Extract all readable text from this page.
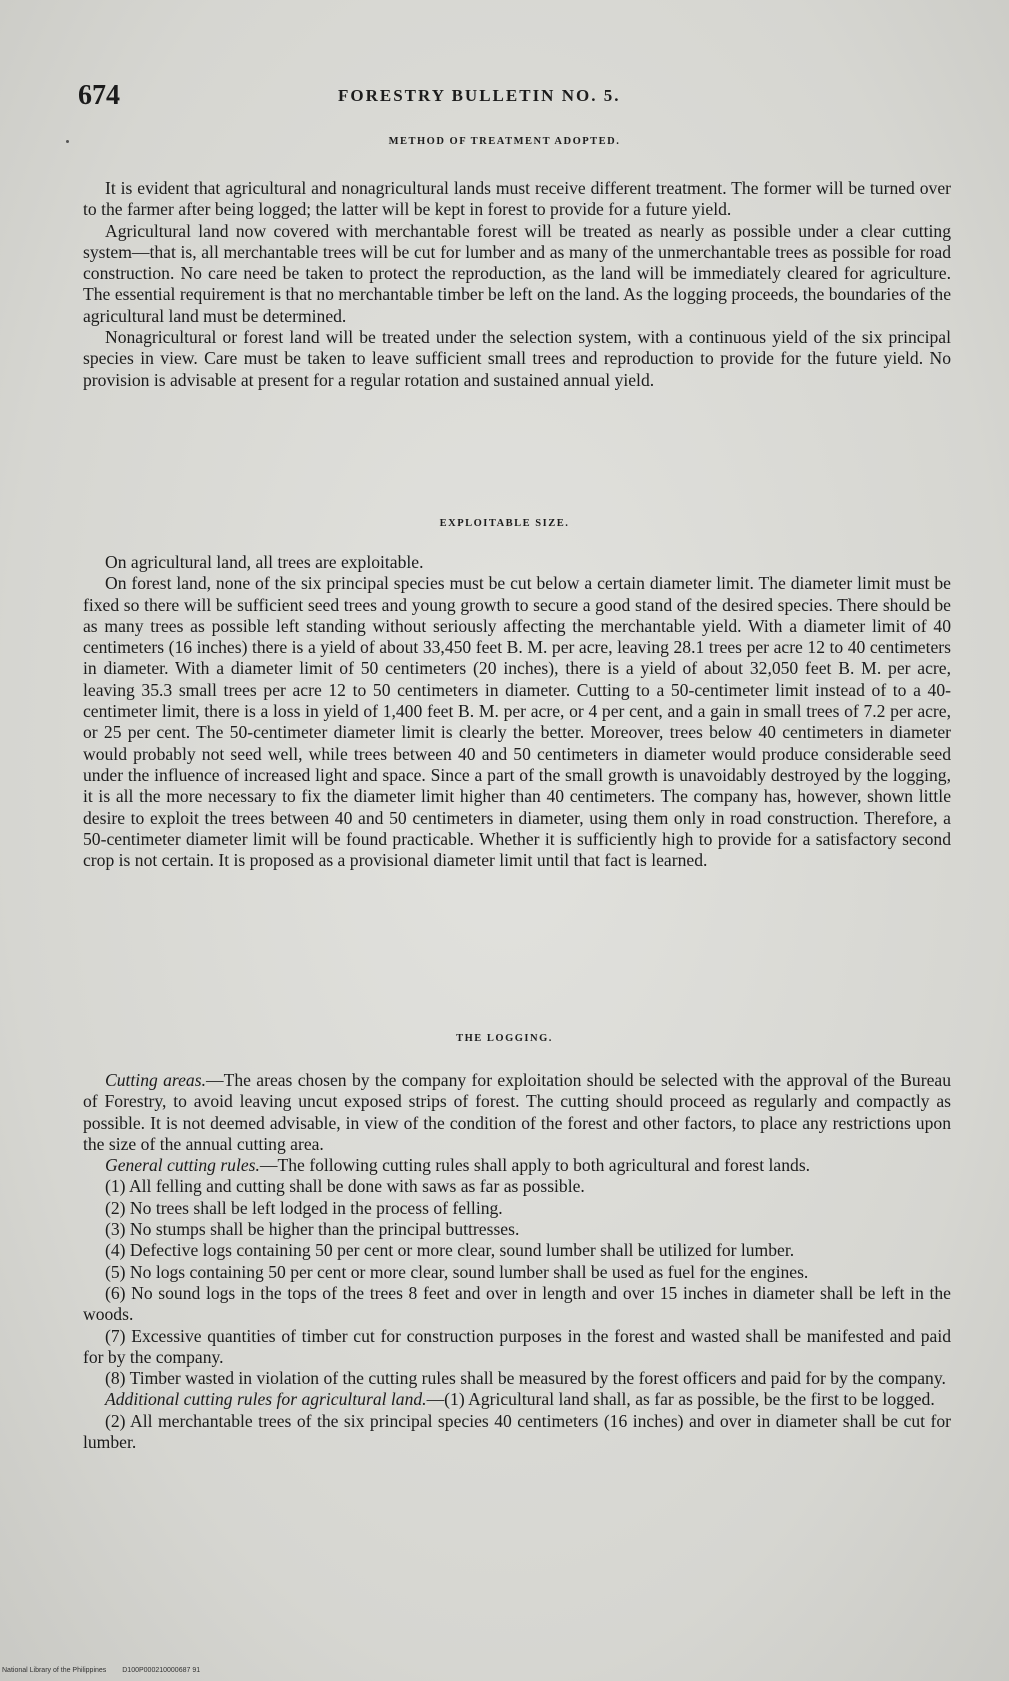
674	FORESTRY BULLETIN NO. 5.
METHOD OF TREATMENT ADOPTED.

It is evident that agricultural and nonagricultural lands must receive different treatment. The former will be turned over to the farmer after being logged; the latter will be kept in forest to provide for a future yield.

Agricultural land now covered with merchantable forest will be treated as nearly as possible under a clear cutting system—that is, all merchantable trees will be cut for lumber and as many of the unmerchantable trees as possible for road construction. No care need be taken to protect the reproduction, as the land will be immediately cleared for agriculture. The essential requirement is that no merchantable timber be left on the land. As the logging proceeds, the boundaries of the agricultural land must be determined.

Nonagricultural or forest land will be treated under the selection system, with a continuous yield of the six principal species in view. Care must be taken to leave sufficient small trees and reproduction to provide for the future yield. No provision is advisable at present for a regular rotation and sustained annual yield.

EXPLOITABLE SIZE.

On agricultural land, all trees are exploitable.

On forest land, none of the six principal species must be cut below a certain diameter limit. The diameter limit must be fixed so there will be sufficient seed trees and young growth to secure a good stand of the desired species. There should be as many trees as possible left standing without seriously affecting the merchantable yield. With a diameter limit of 40 centimeters (16 inches) there is a yield of about 33,450 feet B. M. per acre, leaving 28.1 trees per acre 12 to 40 centimeters in diameter. With a diameter limit of 50 centimeters (20 inches), there is a yield of about 32,050 feet B. M. per acre, leaving 35.3 small trees per acre 12 to 50 centimeters in diameter. Cutting to a 50-centimeter limit instead of to a 40-centimeter limit, there is a loss in yield of 1,400 feet B. M. per acre, or 4 per cent, and a gain in small trees of 7.2 per acre, or 25 per cent. The 50-centimeter diameter limit is clearly the better. Moreover, trees below 40 centimeters in diameter would probably not seed well, while trees between 40 and 50 centimeters in diameter would produce considerable seed under the influence of increased light and space. Since a part of the small growth is unavoidably destroyed by the logging, it is all the more necessary to fix the diameter limit higher than 40 centimeters. The company has, however, shown little desire to exploit the trees between 40 and 50 centimeters in diameter, using them only in road construction. Therefore, a 50-centimeter diameter limit will be found practicable. Whether it is sufficiently high to provide for a satisfactory second crop is not certain. It is proposed as a provisional diameter limit until that fact is learned.

THE LOGGING.

Cutting areas.—The areas chosen by the company for exploitation should be selected with the approval of the Bureau of Forestry, to avoid leaving uncut exposed strips of forest. The cutting should proceed as regularly and compactly as possible. It is not deemed advisable, in view of the condition of the forest and other factors, to place any restrictions upon the size of the annual cutting area.

General cutting rules.—The following cutting rules shall apply to both agricultural and forest lands.

(1) All felling and cutting shall be done with saws as far as possible.

(2) No trees shall be left lodged in the process of felling.

(3) No stumps shall be higher than the principal buttresses.

(4) Defective logs containing 50 per cent or more clear, sound lumber shall be utilized for lumber.

(5) No logs containing 50 per cent or more clear, sound lumber shall be used as fuel for the engines.

(6) No sound logs in the tops of the trees 8 feet and over in length and over 15 inches in diameter shall be left in the woods.

(7) Excessive quantities of timber cut for construction purposes in the forest and wasted shall be manifested and paid for by the company.

(8) Timber wasted in violation of the cutting rules shall be measured by the forest officers and paid for by the company.

Additional cutting rules for agricultural land.—(1) Agricultural land shall, as far as possible, be the first to be logged.

(2) All merchantable trees of the six principal species 40 centimeters (16 inches) and over in diameter shall be cut for lumber.

National Library of the Philippines D100P000210000687 91
